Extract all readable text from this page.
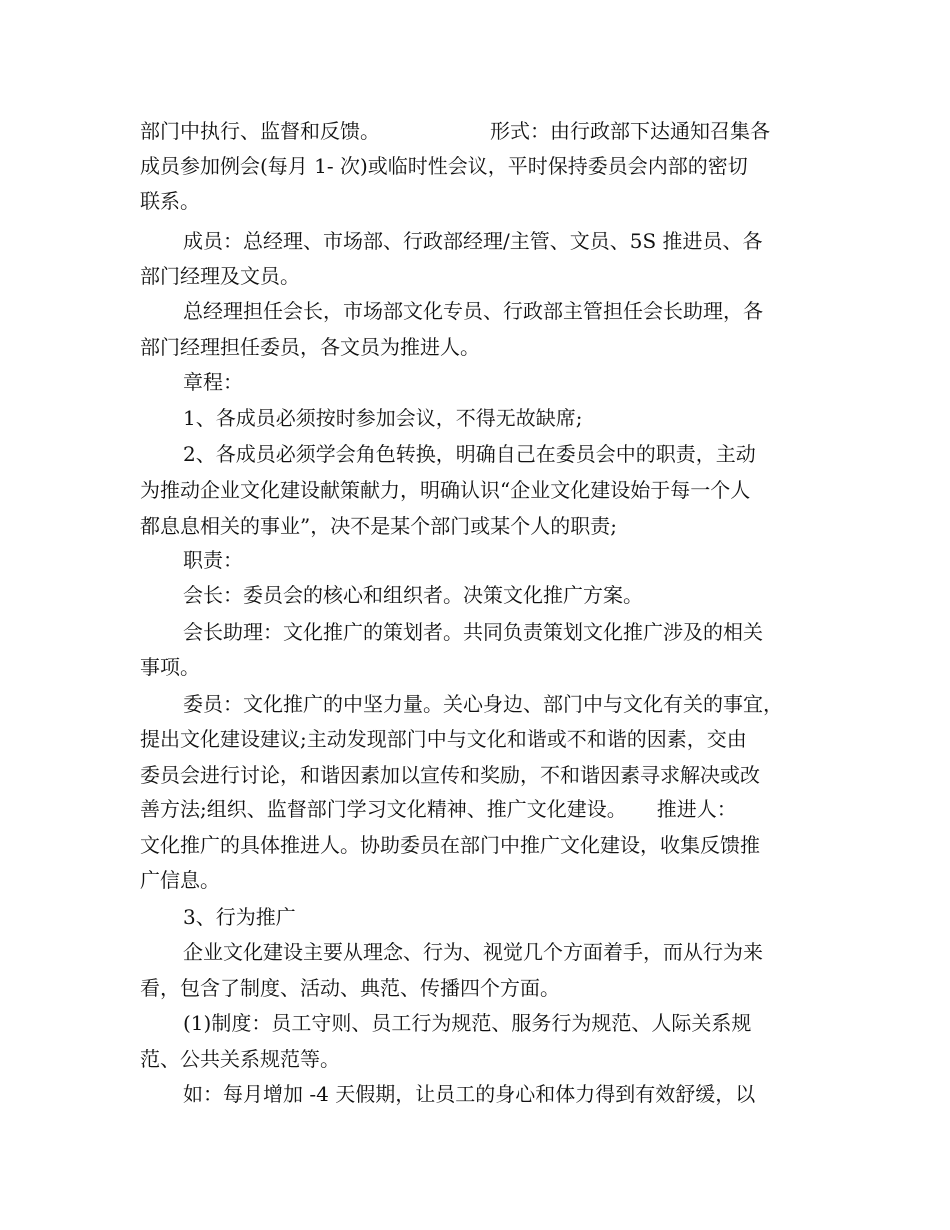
部门中执行、监督和反馈。　　　　　　形式：由行政部下达通知召集各

成员参加例会(每月 1- 次)或临时性会议，平时保持委员会内部的密切

联系。

成员：总经理、市场部、行政部经理/主管、文员、5S 推进员、各

部门经理及文员。

总经理担任会长，市场部文化专员、行政部主管担任会长助理，各

部门经理担任委员，各文员为推进人。

章程：

1、各成员必须按时参加会议，不得无故缺席;

2、各成员必须学会角色转换，明确自己在委员会中的职责，主动

为推动企业文化建设献策献力，明确认识“企业文化建设始于每一个人

都息息相关的事业”，决不是某个部门或某个人的职责;

职责：

会长：委员会的核心和组织者。决策文化推广方案。

会长助理：文化推广的策划者。共同负责策划文化推广涉及的相关

事项。

委员：文化推广的中坚力量。关心身边、部门中与文化有关的事宜，

提出文化建设建议;主动发现部门中与文化和谐或不和谐的因素，交由

委员会进行讨论，和谐因素加以宣传和奖励，不和谐因素寻求解决或改

善方法;组织、监督部门学习文化精神、推广文化建设。　　推进人：

文化推广的具体推进人。协助委员在部门中推广文化建设，收集反馈推

广信息。

3、行为推广

企业文化建设主要从理念、行为、视觉几个方面着手，而从行为来

看，包含了制度、活动、典范、传播四个方面。

(1)制度：员工守则、员工行为规范、服务行为规范、人际关系规

范、公共关系规范等。

如：每月增加 -4 天假期，让员工的身心和体力得到有效舒缓，以
